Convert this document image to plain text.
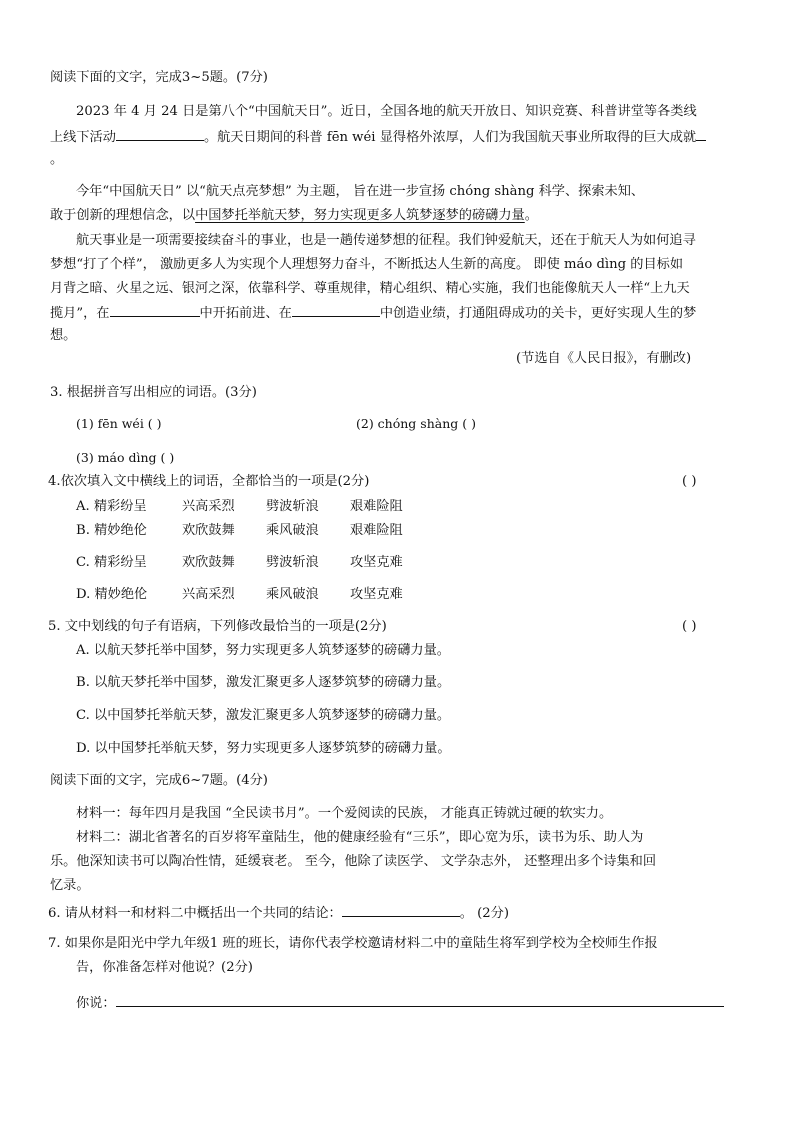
阅读下面的文字，完成3~5题。(7分)
2023 年 4 月 24 日是第八个“中国航天日”。近日，全国各地的航天开放日、知识竞赛、科普讲堂等各类线
上线下活动	。航天日期间的科普 fēn wéi 显得格外浓厚，人们为我国航天事业所取得的巨大成就
。
今年“中国航天日” 以“航天点亮梦想” 为主题， 旨在进一步宣扬 chóng shàng 科学、探索未知、
敢于创新的理想信念，以中国梦托举航天梦，努力实现更多人筑梦逐梦的磅礴力量。
航天事业是一项需要接续奋斗的事业，也是一趟传递梦想的征程。我们钟爱航天，还在于航天人为如何追寻
梦想“打了个样”， 激励更多人为实现个人理想努力奋斗，不断抵达人生新的高度。 即使 máo dìng 的目标如
月背之暗、火星之远、银河之深，依靠科学、尊重规律，精心组织、精心实施，我们也能像航天人一样“上九天
揽月”，在	中开拓前进、在	中创造业绩，打通阻碍成功的关卡，更好实现人生的梦
想。
(节选自《人民日报》，有删改)
3. 根据拼音写出相应的词语。(3分)
(1) fēn wéi ( )	(2) chóng shàng ( )
(3) máo dìng ( )
4.依次填入文中横线上的词语，全都恰当的一项是(2分)	( )
A. 精彩纷呈	兴高采烈 劈波斩浪 艰难险阻
B. 精妙绝伦	欢欣鼓舞 乘风破浪 艰难险阻
C. 精彩纷呈	欢欣鼓舞 劈波斩浪 攻坚克难
D. 精妙绝伦	兴高采烈 乘风破浪 攻坚克难
5. 文中划线的句子有语病，下列修改最恰当的一项是(2分)	( )
A. 以航天梦托举中国梦，努力实现更多人筑梦逐梦的磅礴力量。
B. 以航天梦托举中国梦，激发汇聚更多人逐梦筑梦的磅礴力量。
C. 以中国梦托举航天梦，激发汇聚更多人筑梦逐梦的磅礴力量。
D. 以中国梦托举航天梦，努力实现更多人逐梦筑梦的磅礴力量。
阅读下面的文字，完成6~7题。(4分)
材料一：每年四月是我国 “全民读书月”。一个爱阅读的民族， 才能真正铸就过硬的软实力。
材料二：湖北省著名的百岁将军童陆生，他的健康经验有“三乐”，即心宽为乐，读书为乐、助人为
乐。他深知读书可以陶冶性情，延缓衰老。 至今，他除了读医学、 文学杂志外， 还整理出多个诗集和回
忆录。
6. 请从材料一和材料二中概括出一个共同的结论：	。 (2分)
7. 如果你是阳光中学九年级1 班的班长，请你代表学校邀请材料二中的童陆生将军到学校为全校师生作报
告，你准备怎样对他说？(2分)
你说：
